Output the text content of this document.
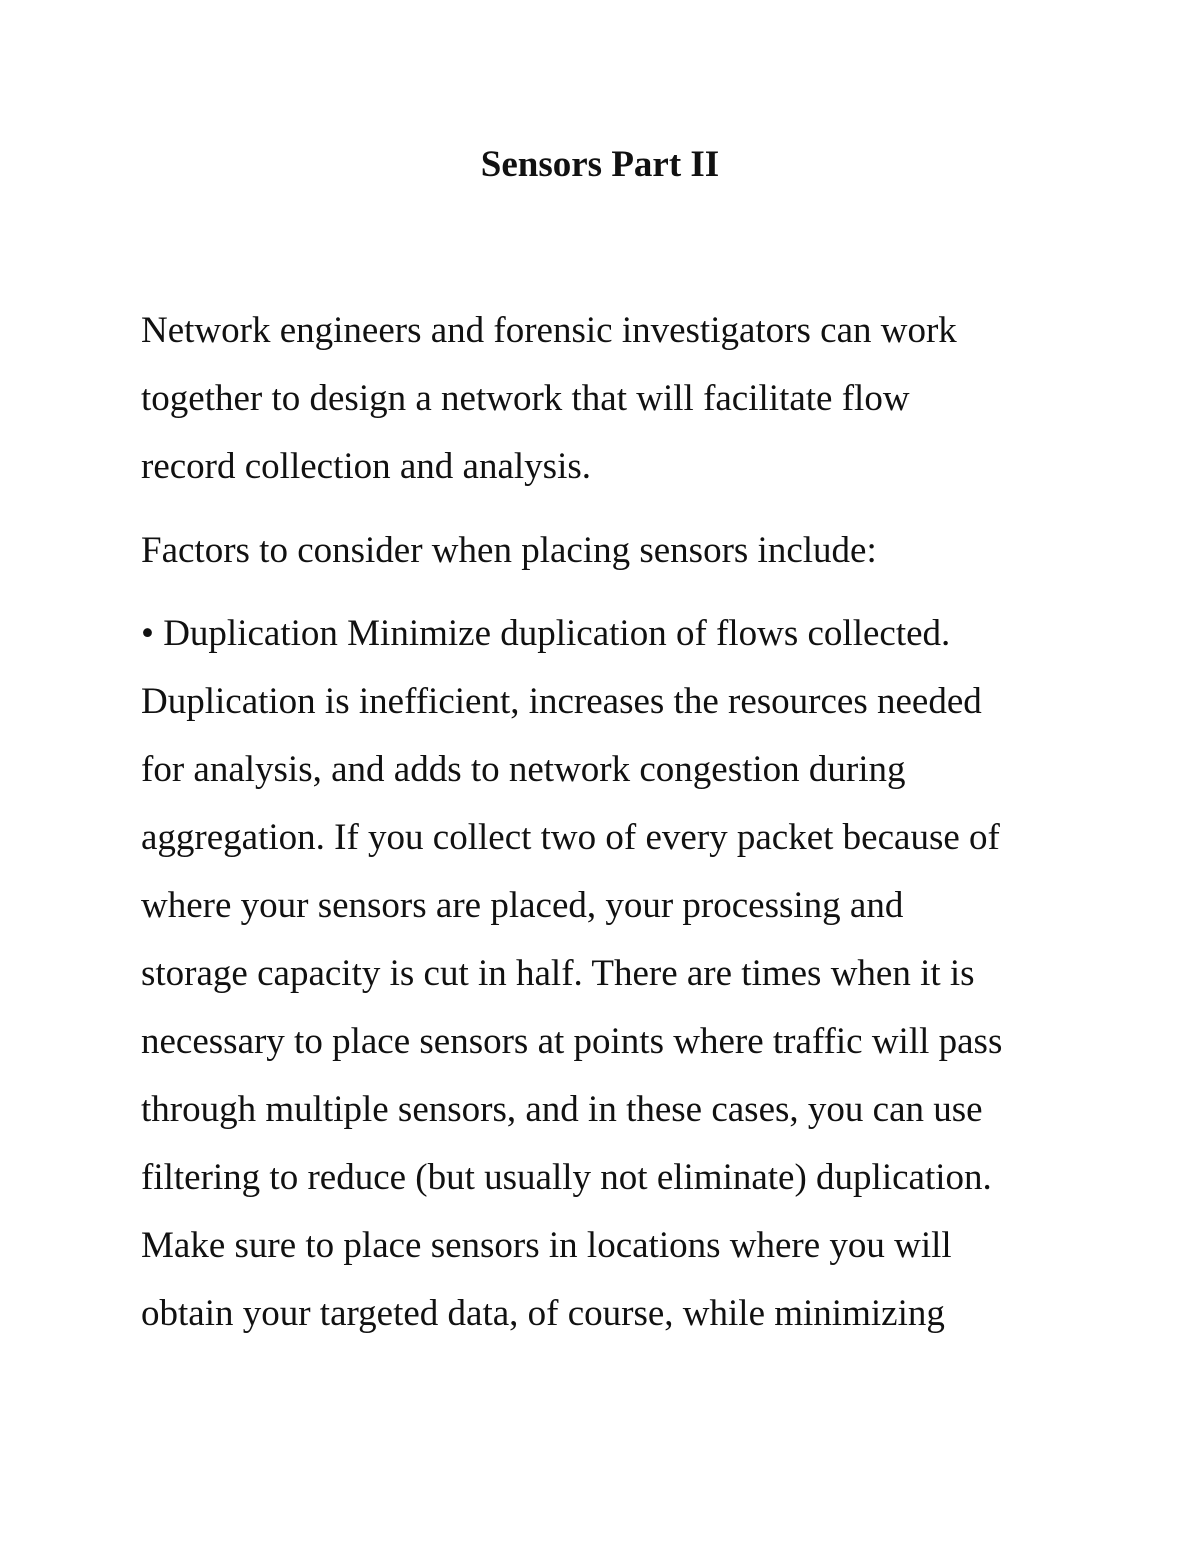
Sensors Part II

Network engineers and forensic investigators can work
together to design a network that will facilitate flow
record collection and analysis.

Factors to consider when placing sensors include:

• Duplication Minimize duplication of flows collected.
Duplication is inefficient, increases the resources needed
for analysis, and adds to network congestion during
aggregation. If you collect two of every packet because of
where your sensors are placed, your processing and
storage capacity is cut in half. There are times when it is
necessary to place sensors at points where traffic will pass
through multiple sensors, and in these cases, you can use
filtering to reduce (but usually not eliminate) duplication.
Make sure to place sensors in locations where you will
obtain your targeted data, of course, while minimizing
